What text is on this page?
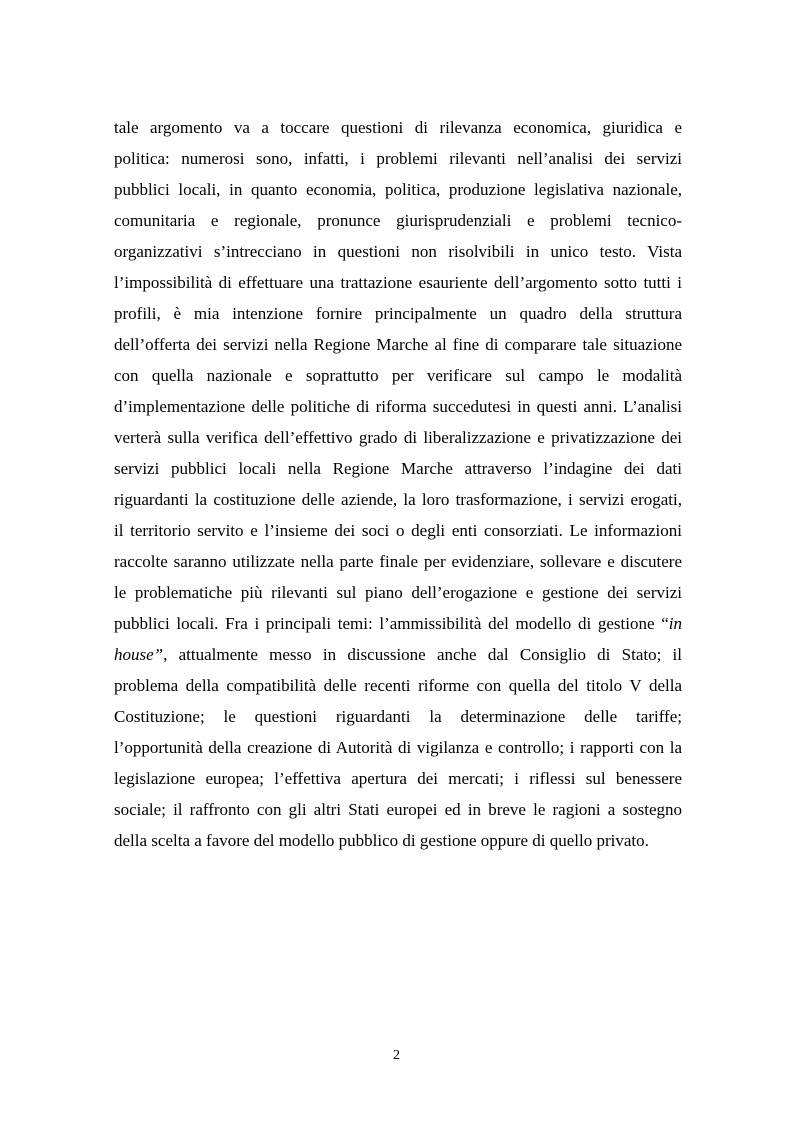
tale argomento va a toccare questioni di rilevanza economica, giuridica e
politica: numerosi sono, infatti, i problemi rilevanti nell’analisi dei servizi
pubblici locali, in quanto economia, politica, produzione legislativa nazionale,
comunitaria e regionale, pronunce giurisprudenziali e problemi tecnico-
organizzativi s’intrecciano in questioni non risolvibili in unico testo. Vista
l’impossibilità di effettuare una trattazione esauriente dell’argomento sotto tutti i
profili, è mia intenzione fornire principalmente un quadro della struttura
dell’offerta dei servizi nella Regione Marche al fine di comparare tale situazione
con quella nazionale e soprattutto per verificare sul campo le modalità
d’implementazione delle politiche di riforma succedutesi in questi anni. L’analisi
verterà sulla verifica dell’effettivo grado di liberalizzazione e privatizzazione dei
servizi pubblici locali nella Regione Marche attraverso l’indagine dei dati
riguardanti la costituzione delle aziende, la loro trasformazione, i servizi erogati,
il territorio servito e l’insieme dei soci o degli enti consorziati. Le informazioni
raccolte saranno utilizzate nella parte finale per evidenziare, sollevare e discutere
le problematiche più rilevanti sul piano dell’erogazione e gestione dei servizi
pubblici locali. Fra i principali temi: l’ammissibilità del modello di gestione “in
house”, attualmente messo in discussione anche dal Consiglio di Stato; il
problema della compatibilità delle recenti riforme con quella del titolo V della
Costituzione; le questioni riguardanti la determinazione delle tariffe;
l’opportunità della creazione di Autorità di vigilanza e controllo; i rapporti con la
legislazione europea; l’effettiva apertura dei mercati; i riflessi sul benessere
sociale; il raffronto con gli altri Stati europei ed in breve le ragioni a sostegno
della scelta a favore del modello pubblico di gestione oppure di quello privato.
2
